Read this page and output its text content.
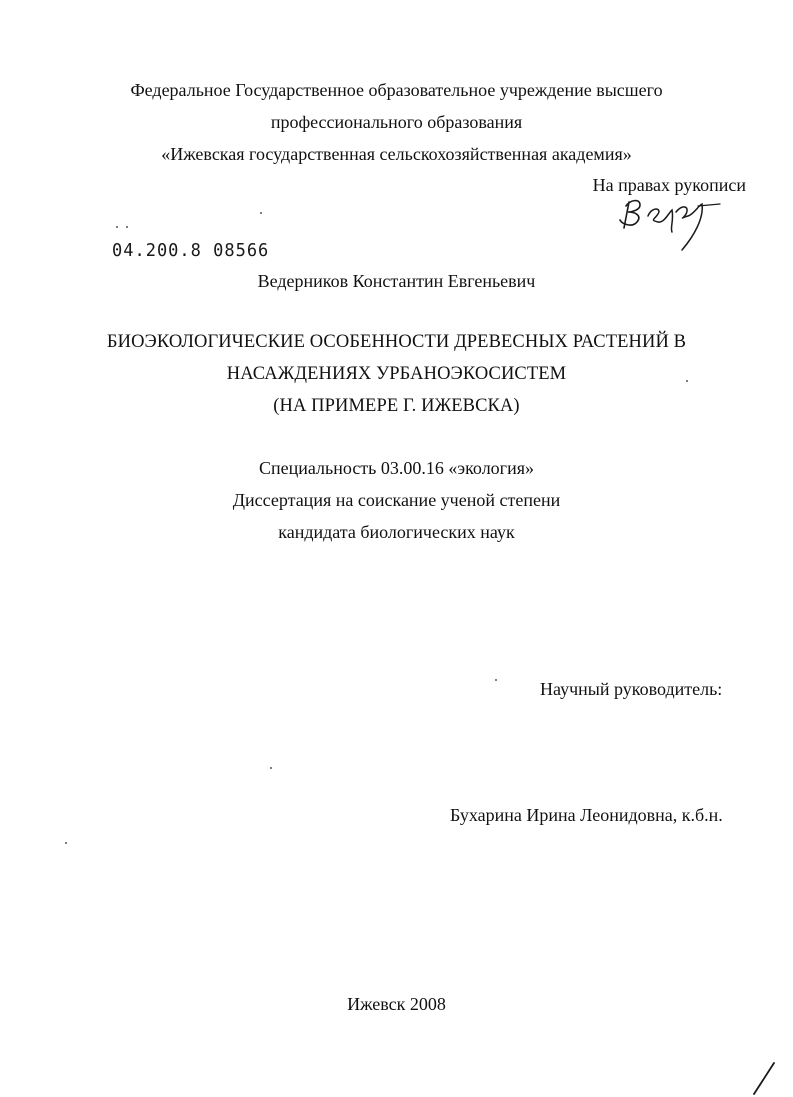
Федеральное Государственное образовательное учреждение высшего
профессионального образования
«Ижевская государственная сельскохозяйственная академия»
На правах рукописи
04.200.8 08566
Ведерников Константин Евгеньевич
БИОЭКОЛОГИЧЕСКИЕ ОСОБЕННОСТИ ДРЕВЕСНЫХ РАСТЕНИЙ В
НАСАЖДЕНИЯХ УРБАНОЭКОСИСТЕМ
(НА ПРИМЕРЕ Г. ИЖЕВСКА)
Специальность 03.00.16 «экология»
Диссертация на соискание ученой степени
кандидата биологических наук
Научный руководитель:
Бухарина Ирина Леонидовна, к.б.н.
Ижевск 2008
